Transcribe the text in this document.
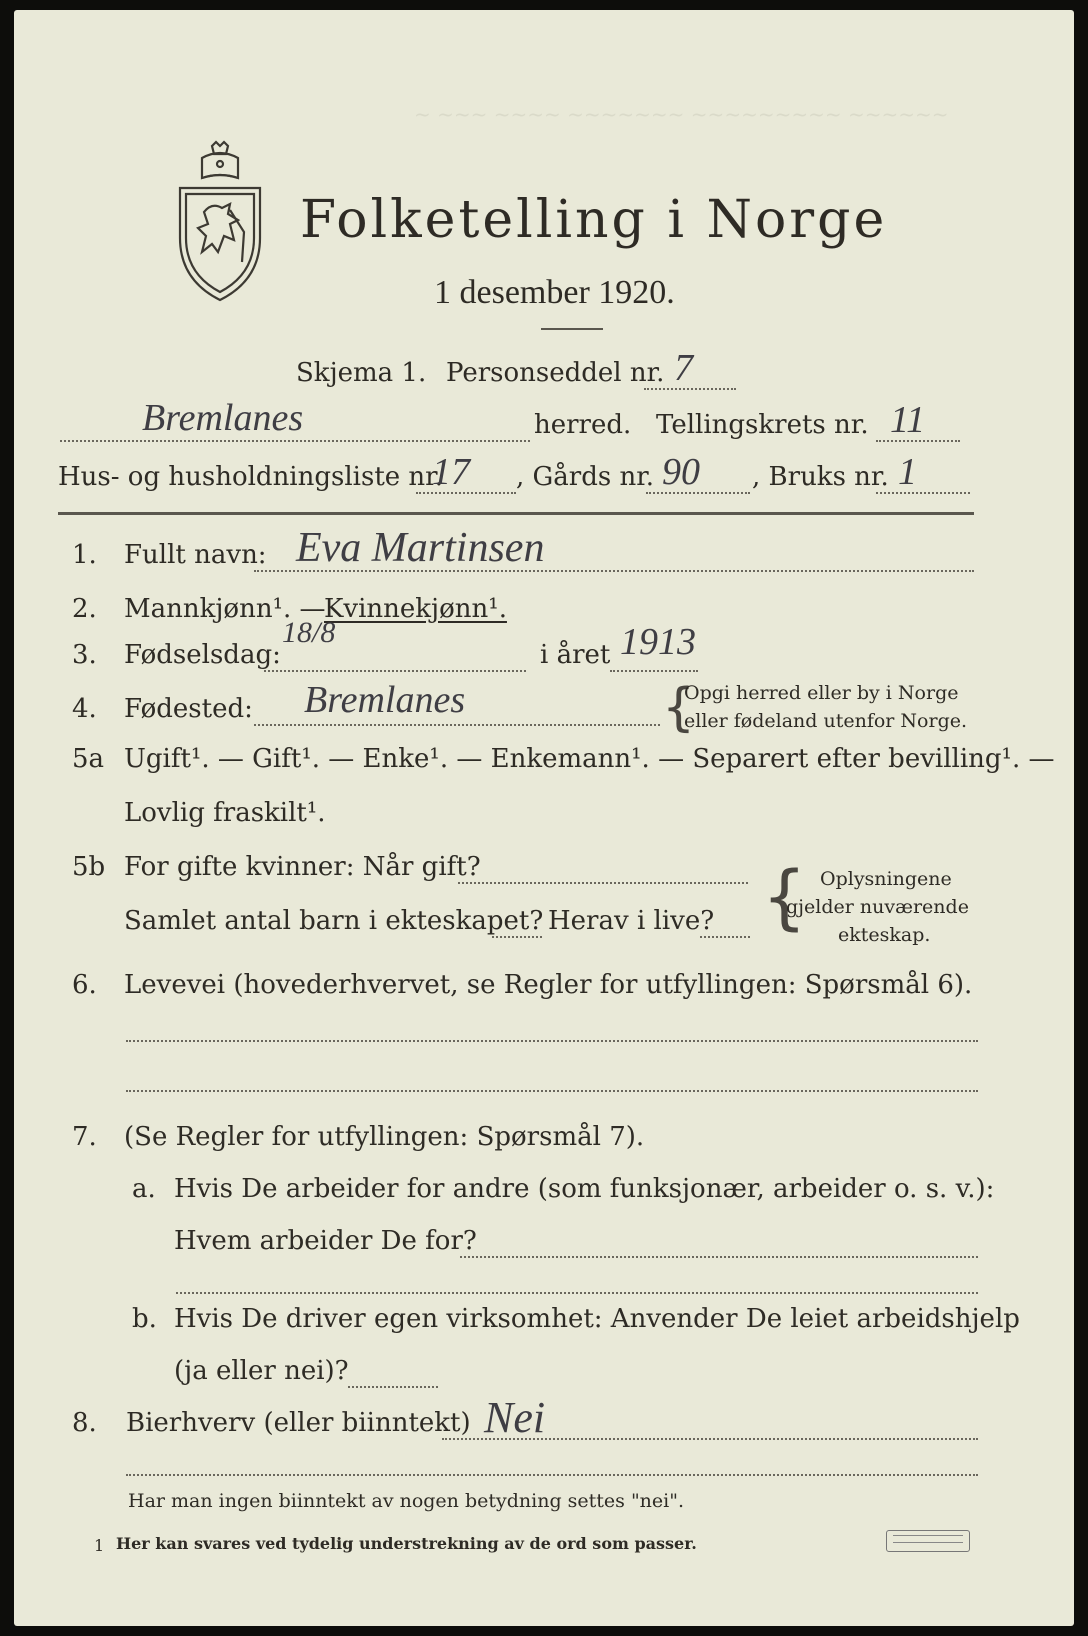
~ ~~~ ~~~~ ~~~~~~~ ~~~~~~~~~ ~~~~~~
Folketelling i Norge
1 desember 1920.
Skjema 1. Personseddel nr. 7
Bremlanes	herred. Tellingskrets nr. 11
Hus- og husholdningsliste nr.
17 , Gårds nr. 90 , Bruks nr. 1
1. Fullt navn: Eva Martinsen
2. Mannkjønn¹. —
Kvinnekjønn¹.
3. Fødselsdag:
18/8
i året 1913
4. Fødested: Bremlanes	{
Opgi herred eller by i Norge
eller fødeland utenfor Norge.
5a Ugift¹. — Gift¹. — Enke¹. — Enkemann¹. — Separert efter bevilling¹. —
Lovlig fraskilt¹.
5b For gifte kvinner: Når gift?
Samlet antal barn i ekteskapet? Herav i live? { Oplysningene
gjelder nuværende
ekteskap.
6. Levevei (hovederhvervet, se Regler for utfyllingen: Spørsmål 6).
7. (Se Regler for utfyllingen: Spørsmål 7).
a. Hvis De arbeider for andre (som funksjonær, arbeider o. s. v.):
Hvem arbeider De for?
b. Hvis De driver egen virksomhet: Anvender De leiet arbeidshjelp
(ja eller nei)?
8. Bierhverv (eller biinntekt) Nei
Har man ingen biinntekt av nogen betydning settes "nei".
1 Her kan svares ved tydelig understrekning av de ord som passer.
